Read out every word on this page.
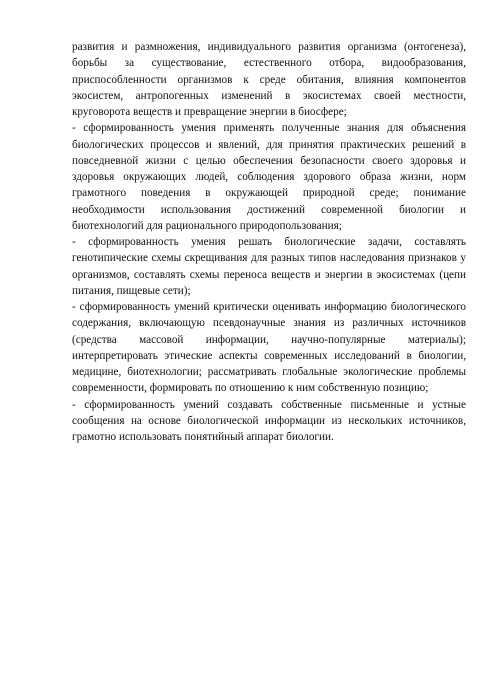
развития и размножения, индивидуального развития организма (онтогенеза), борьбы за существование, естественного отбора, видообразования, приспособленности организмов к среде обитания, влияния компонентов экосистем, антропогенных изменений в экосистемах своей местности, круговорота веществ и превращение энергии в биосфере;

- сформированность умения применять полученные знания для объяснения биологических процессов и явлений, для принятия практических решений в повседневной жизни с целью обеспечения безопасности своего здоровья и здоровья окружающих людей, соблюдения здорового образа жизни, норм грамотного поведения в окружающей природной среде; понимание необходимости использования достижений современной биологии и биотехнологий для рационального природопользования;

- сформированность умения решать биологические задачи, составлять генотипические схемы скрещивания для разных типов наследования признаков у организмов, составлять схемы переноса веществ и энергии в экосистемах (цепи питания, пищевые сети);

- сформированность умений критически оценивать информацию биологического содержания, включающую псевдонаучные знания из различных источников (средства массовой информации, научно-популярные материалы); интерпретировать этические аспекты современных исследований в биологии, медицине, биотехнологии; рассматривать глобальные экологические проблемы современности, формировать по отношению к ним собственную позицию;

- сформированность умений создавать собственные письменные и устные сообщения на основе биологической информации из нескольких источников, грамотно использовать понятийный аппарат биологии.
